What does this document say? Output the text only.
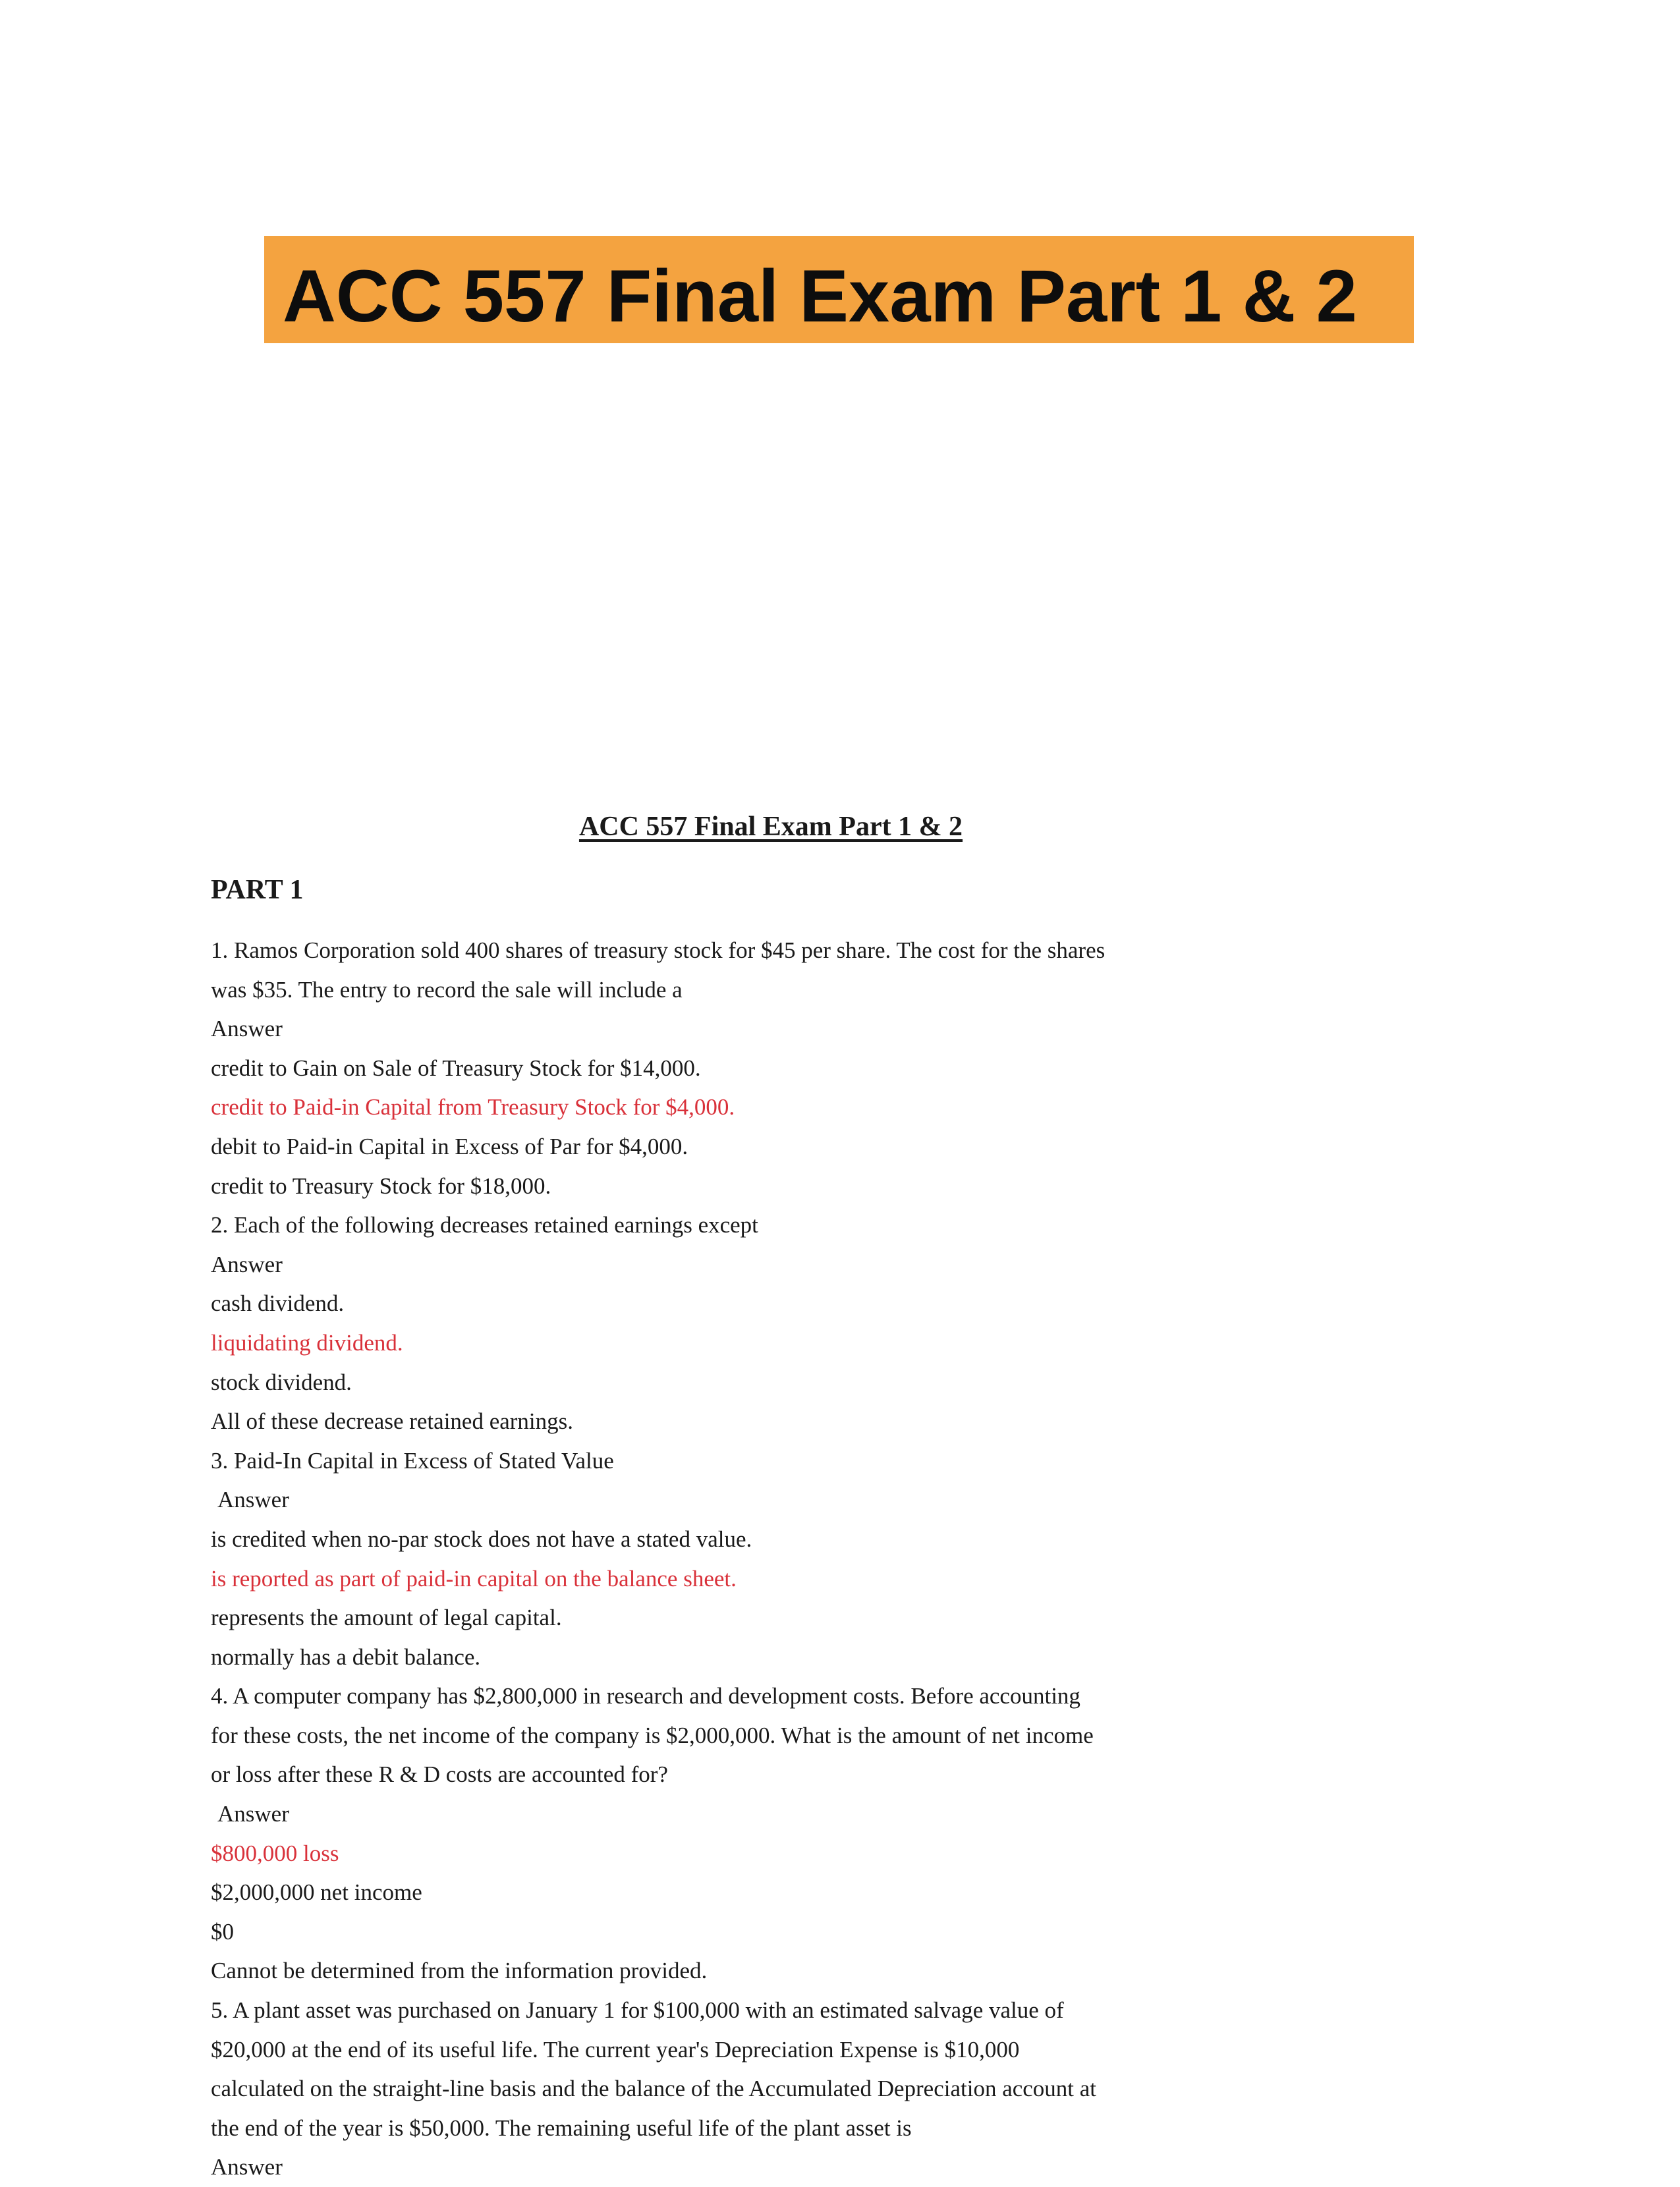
ACC 557 Final Exam Part 1 & 2
ACC 557 Final Exam Part 1 & 2
PART 1
1. Ramos Corporation sold 400 shares of treasury stock for $45 per share. The cost for the shares
was $35. The entry to record the sale will include a
Answer
credit to Gain on Sale of Treasury Stock for $14,000.
credit to Paid-in Capital from Treasury Stock for $4,000.
debit to Paid-in Capital in Excess of Par for $4,000.
credit to Treasury Stock for $18,000.
2. Each of the following decreases retained earnings except
Answer
cash dividend.
liquidating dividend.
stock dividend.
All of these decrease retained earnings.
3. Paid-In Capital in Excess of Stated Value
Answer
is credited when no-par stock does not have a stated value.
is reported as part of paid-in capital on the balance sheet.
represents the amount of legal capital.
normally has a debit balance.
4. A computer company has $2,800,000 in research and development costs. Before accounting
for these costs, the net income of the company is $2,000,000. What is the amount of net income
or loss after these R & D costs are accounted for?
Answer
$800,000 loss
$2,000,000 net income
$0
Cannot be determined from the information provided.
5. A plant asset was purchased on January 1 for $100,000 with an estimated salvage value of
$20,000 at the end of its useful life. The current year's Depreciation Expense is $10,000
calculated on the straight-line basis and the balance of the Accumulated Depreciation account at
the end of the year is $50,000. The remaining useful life of the plant asset is
Answer
